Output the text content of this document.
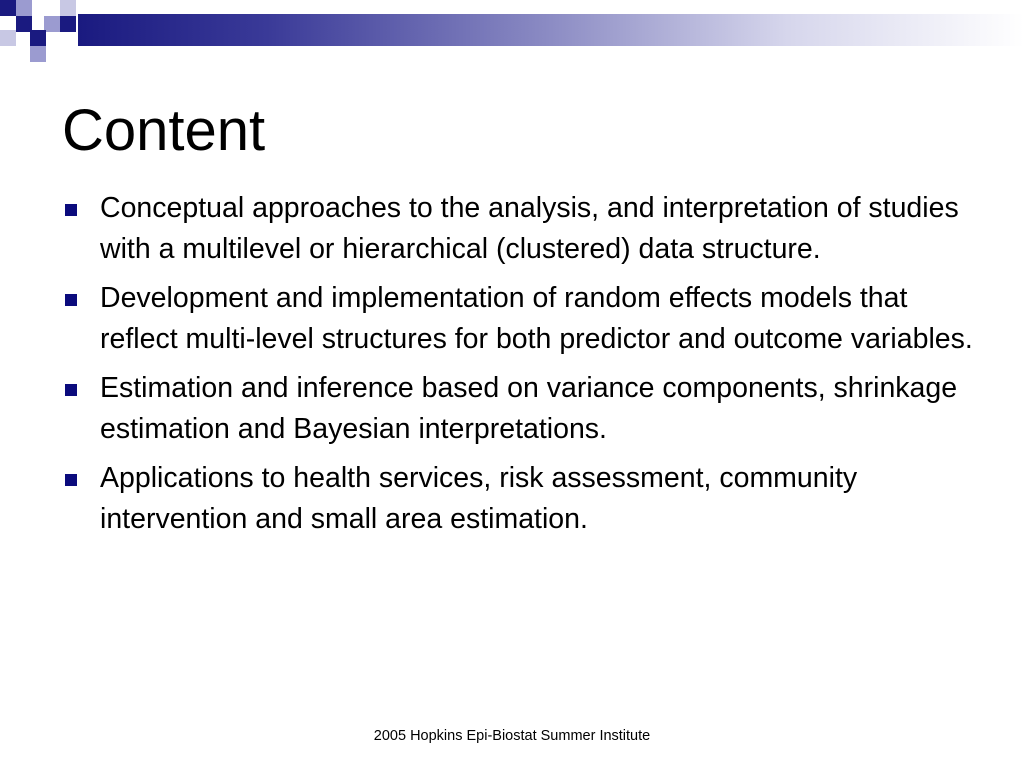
Content
Conceptual approaches to the analysis, and interpretation of studies with a multilevel or hierarchical (clustered) data structure.
Development and implementation of random effects models that reflect multi-level structures for both predictor and outcome variables.
Estimation and inference based on variance components, shrinkage estimation and Bayesian interpretations.
Applications to health services, risk assessment, community intervention and small area estimation.
2005 Hopkins Epi-Biostat Summer Institute
